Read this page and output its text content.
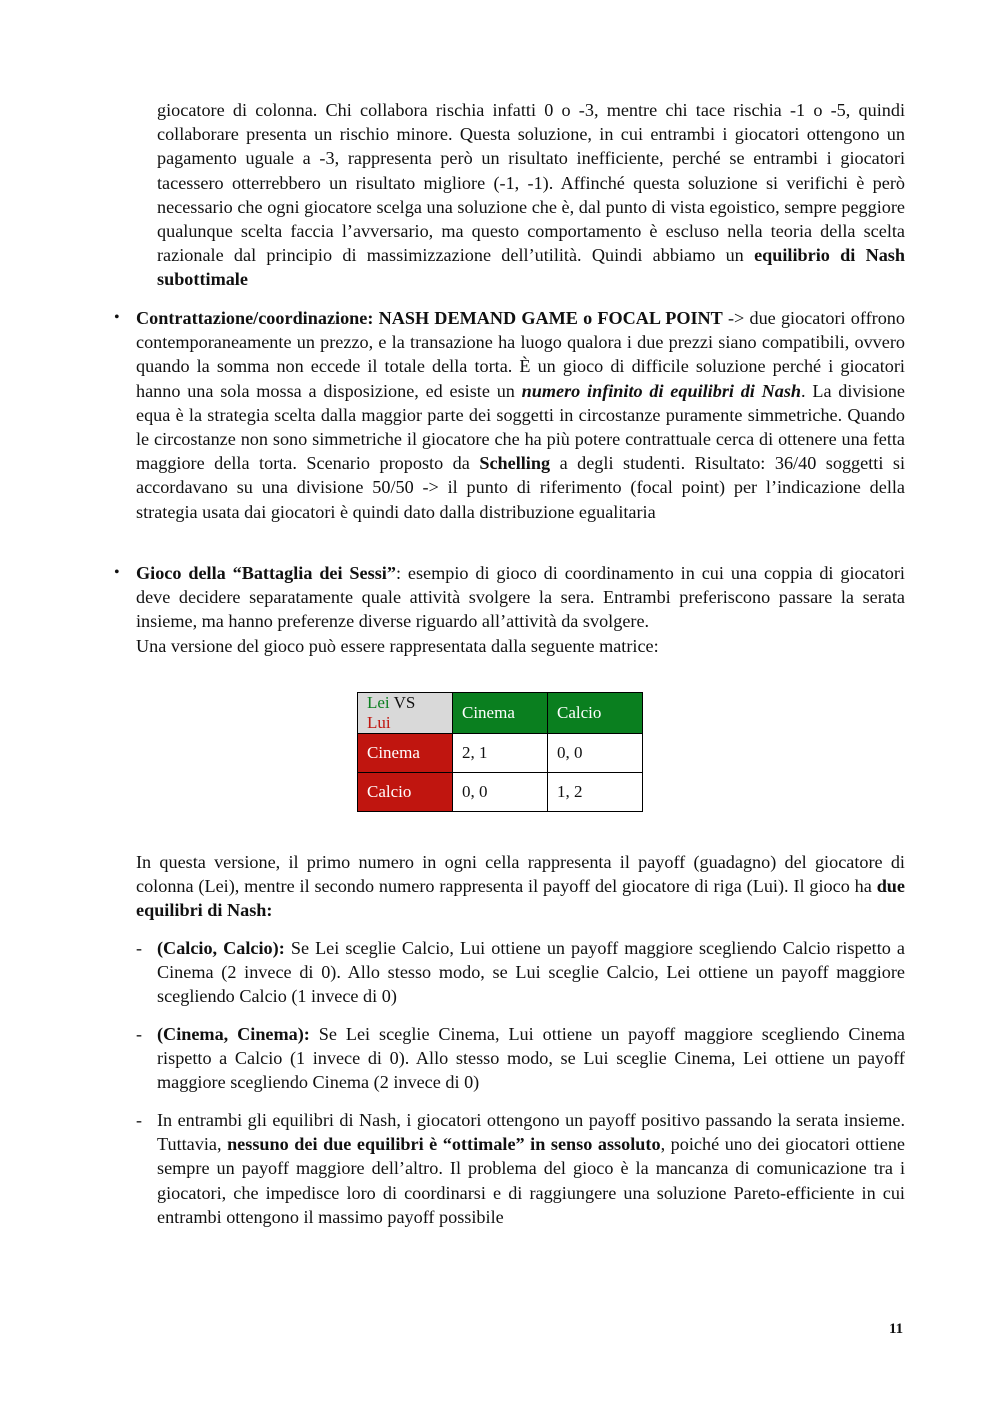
giocatore di colonna. Chi collabora rischia infatti 0 o -3, mentre chi tace rischia -1 o -5, quindi collaborare presenta un rischio minore. Questa soluzione, in cui entrambi i giocatori ottengono un pagamento uguale a -3, rappresenta però un risultato inefficiente, perché se entrambi i giocatori tacessero otterrebbero un risultato migliore (-1, -1). Affinché questa soluzione si verifichi è però necessario che ogni giocatore scelga una soluzione che è, dal punto di vista egoistico, sempre peggiore qualunque scelta faccia l’avversario, ma questo comportamento è escluso nella teoria della scelta razionale dal principio di massimizzazione dell’utilità. Quindi abbiamo un equilibrio di Nash subottimale

• Contrattazione/coordinazione: NASH DEMAND GAME o FOCAL POINT -> due giocatori offrono contemporaneamente un prezzo, e la transazione ha luogo qualora i due prezzi siano compatibili, ovvero quando la somma non eccede il totale della torta. È un gioco di difficile soluzione perché i giocatori hanno una sola mossa a disposizione, ed esiste un numero infinito di equilibri di Nash. La divisione equa è la strategia scelta dalla maggior parte dei soggetti in circostanze puramente simmetriche. Quando le circostanze non sono simmetriche il giocatore che ha più potere contrattuale cerca di ottenere una fetta maggiore della torta. Scenario proposto da Schelling a degli studenti. Risultato: 36/40 soggetti si accordavano su una divisione 50/50 -> il punto di riferimento (focal point) per l’indicazione della strategia usata dai giocatori è quindi dato dalla distribuzione egualitaria

• Gioco della “Battaglia dei Sessi”: esempio di gioco di coordinamento in cui una coppia di giocatori deve decidere separatamente quale attività svolgere la sera. Entrambi preferiscono passare la serata insieme, ma hanno preferenze diverse riguardo all’attività da svolgere.

Una versione del gioco può essere rappresentata dalla seguente matrice:

Lei VS Lui	Cinema	Calcio
Cinema	2, 1	0, 0
Calcio	0, 0	1, 2

In questa versione, il primo numero in ogni cella rappresenta il payoff (guadagno) del giocatore di colonna (Lei), mentre il secondo numero rappresenta il payoff del giocatore di riga (Lui). Il gioco ha due equilibri di Nash:

- (Calcio, Calcio): Se Lei sceglie Calcio, Lui ottiene un payoff maggiore scegliendo Calcio rispetto a Cinema (2 invece di 0). Allo stesso modo, se Lui sceglie Calcio, Lei ottiene un payoff maggiore scegliendo Calcio (1 invece di 0)

- (Cinema, Cinema): Se Lei sceglie Cinema, Lui ottiene un payoff maggiore scegliendo Cinema rispetto a Calcio (1 invece di 0). Allo stesso modo, se Lui sceglie Cinema, Lei ottiene un payoff maggiore scegliendo Cinema (2 invece di 0)

- In entrambi gli equilibri di Nash, i giocatori ottengono un payoff positivo passando la serata insieme. Tuttavia, nessuno dei due equilibri è “ottimale” in senso assoluto, poiché uno dei giocatori ottiene sempre un payoff maggiore dell’altro. Il problema del gioco è la mancanza di comunicazione tra i giocatori, che impedisce loro di coordinarsi e di raggiungere una soluzione Pareto-efficiente in cui entrambi ottengono il massimo payoff possibile

11
